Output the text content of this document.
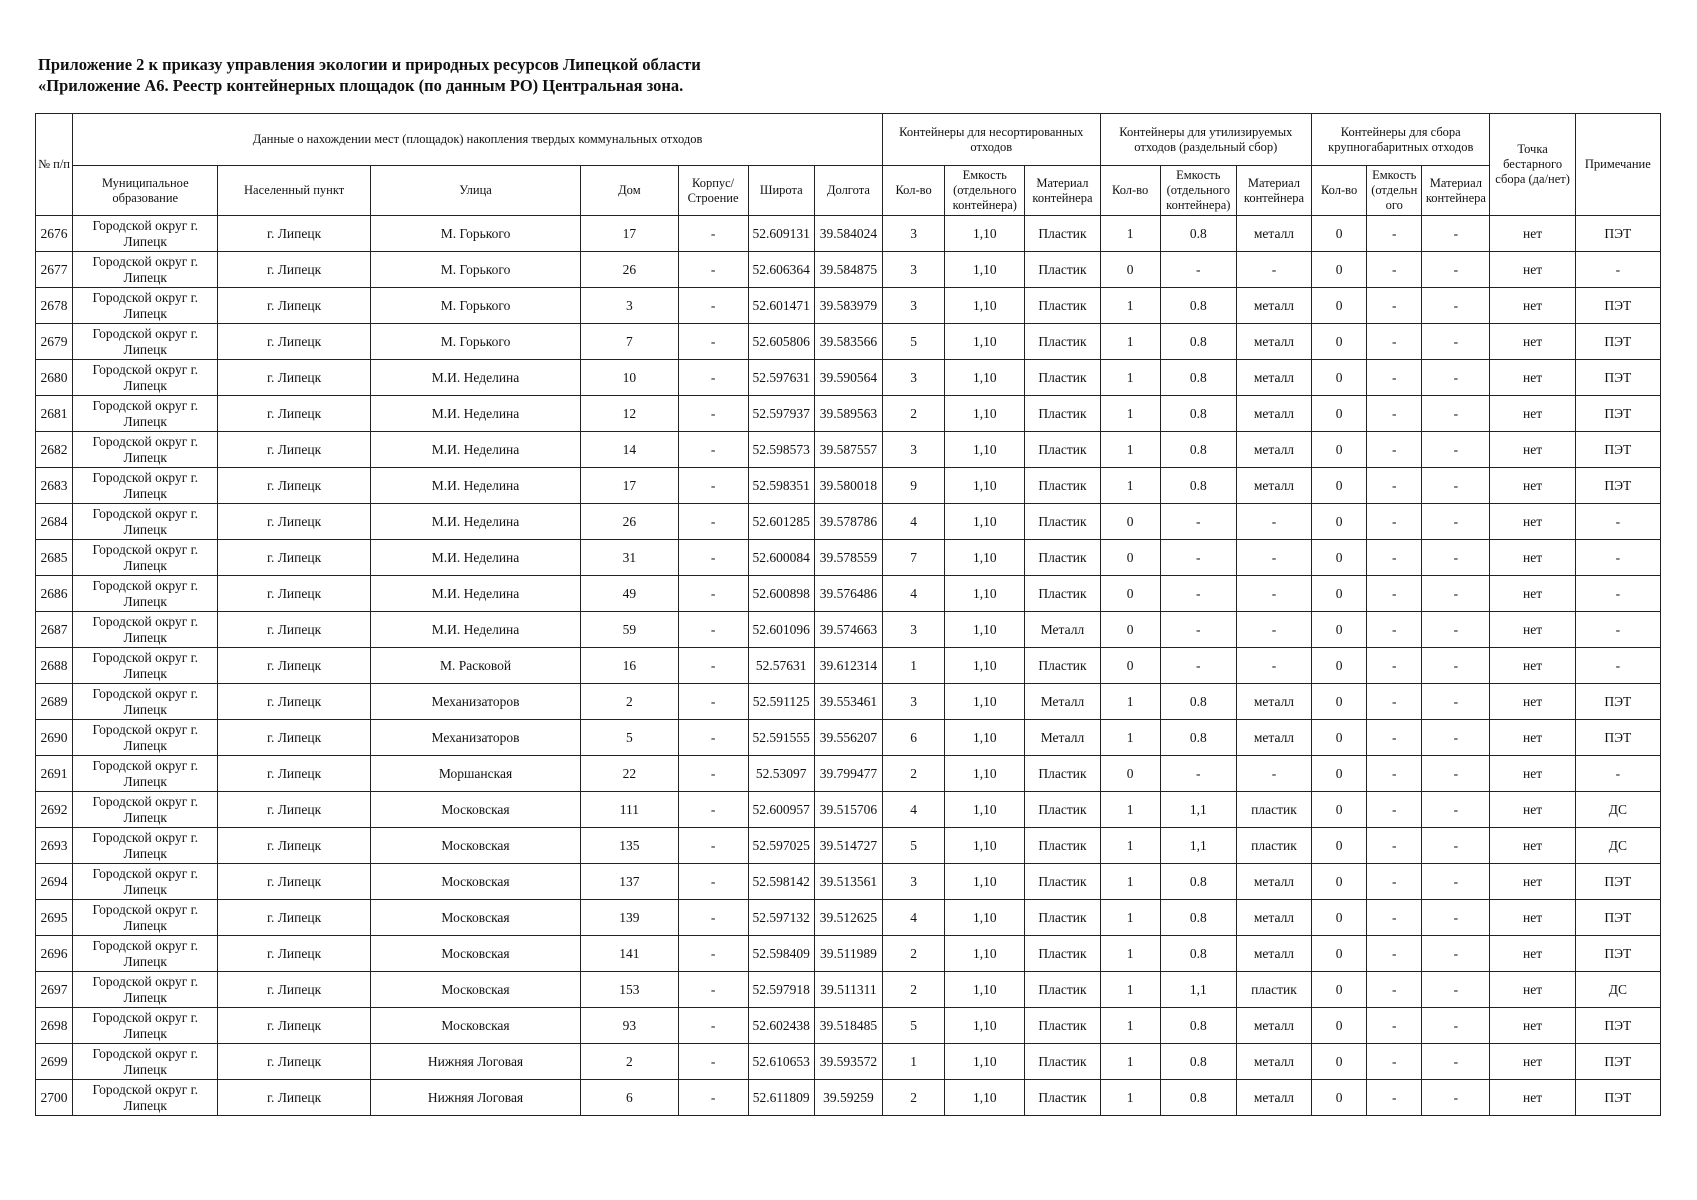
Приложение 2 к приказу управления экологии и природных ресурсов Липецкой области
«Приложение А6. Реестр контейнерных площадок (по данным РО) Центральная зона.
№ п/п	Данные о нахождении мест (площадок) накопления твердых коммунальных отходов							Контейнеры для несортированных отходов			Контейнеры для утилизируемых отходов (раздельный сбор)			Контейнеры для сбора крупногабаритных отходов			Точка бестарного сбора (да/нет)	Примечание
	Муниципальное образование	Населенный пункт	Улица	Дом	Корпус/ Строение	Широта	Долгота	Кол-во	Емкость (отдельного контейнера)	Материал контейнера	Кол-во	Емкость (отдельного контейнера)	Материал контейнера	Кол-во	Емкость (отдельн ого	Материал контейнера		
2676	Городской округ г. Липецк	г. Липецк	М. Горького	17	-	52.609131	39.584024	3	1,10	Пластик	1	0.8	металл	0	-	-	нет	ПЭТ
2677	Городской округ г. Липецк	г. Липецк	М. Горького	26	-	52.606364	39.584875	3	1,10	Пластик	0	-	-	0	-	-	нет	-
2678	Городской округ г. Липецк	г. Липецк	М. Горького	3	-	52.601471	39.583979	3	1,10	Пластик	1	0.8	металл	0	-	-	нет	ПЭТ
2679	Городской округ г. Липецк	г. Липецк	М. Горького	7	-	52.605806	39.583566	5	1,10	Пластик	1	0.8	металл	0	-	-	нет	ПЭТ
2680	Городской округ г. Липецк	г. Липецк	М.И. Неделина	10	-	52.597631	39.590564	3	1,10	Пластик	1	0.8	металл	0	-	-	нет	ПЭТ
2681	Городской округ г. Липецк	г. Липецк	М.И. Неделина	12	-	52.597937	39.589563	2	1,10	Пластик	1	0.8	металл	0	-	-	нет	ПЭТ
2682	Городской округ г. Липецк	г. Липецк	М.И. Неделина	14	-	52.598573	39.587557	3	1,10	Пластик	1	0.8	металл	0	-	-	нет	ПЭТ
2683	Городской округ г. Липецк	г. Липецк	М.И. Неделина	17	-	52.598351	39.580018	9	1,10	Пластик	1	0.8	металл	0	-	-	нет	ПЭТ
2684	Городской округ г. Липецк	г. Липецк	М.И. Неделина	26	-	52.601285	39.578786	4	1,10	Пластик	0	-	-	0	-	-	нет	-
2685	Городской округ г. Липецк	г. Липецк	М.И. Неделина	31	-	52.600084	39.578559	7	1,10	Пластик	0	-	-	0	-	-	нет	-
2686	Городской округ г. Липецк	г. Липецк	М.И. Неделина	49	-	52.600898	39.576486	4	1,10	Пластик	0	-	-	0	-	-	нет	-
2687	Городской округ г. Липецк	г. Липецк	М.И. Неделина	59	-	52.601096	39.574663	3	1,10	Металл	0	-	-	0	-	-	нет	-
2688	Городской округ г. Липецк	г. Липецк	М. Расковой	16	-	52.57631	39.612314	1	1,10	Пластик	0	-	-	0	-	-	нет	-
2689	Городской округ г. Липецк	г. Липецк	Механизаторов	2	-	52.591125	39.553461	3	1,10	Металл	1	0.8	металл	0	-	-	нет	ПЭТ
2690	Городской округ г. Липецк	г. Липецк	Механизаторов	5	-	52.591555	39.556207	6	1,10	Металл	1	0.8	металл	0	-	-	нет	ПЭТ
2691	Городской округ г. Липецк	г. Липецк	Моршанская	22	-	52.53097	39.799477	2	1,10	Пластик	0	-	-	0	-	-	нет	-
2692	Городской округ г. Липецк	г. Липецк	Московская	111	-	52.600957	39.515706	4	1,10	Пластик	1	1,1	пластик	0	-	-	нет	ДС
2693	Городской округ г. Липецк	г. Липецк	Московская	135	-	52.597025	39.514727	5	1,10	Пластик	1	1,1	пластик	0	-	-	нет	ДС
2694	Городской округ г. Липецк	г. Липецк	Московская	137	-	52.598142	39.513561	3	1,10	Пластик	1	0.8	металл	0	-	-	нет	ПЭТ
2695	Городской округ г. Липецк	г. Липецк	Московская	139	-	52.597132	39.512625	4	1,10	Пластик	1	0.8	металл	0	-	-	нет	ПЭТ
2696	Городской округ г. Липецк	г. Липецк	Московская	141	-	52.598409	39.511989	2	1,10	Пластик	1	0.8	металл	0	-	-	нет	ПЭТ
2697	Городской округ г. Липецк	г. Липецк	Московская	153	-	52.597918	39.511311	2	1,10	Пластик	1	1,1	пластик	0	-	-	нет	ДС
2698	Городской округ г. Липецк	г. Липецк	Московская	93	-	52.602438	39.518485	5	1,10	Пластик	1	0.8	металл	0	-	-	нет	ПЭТ
2699	Городской округ г. Липецк	г. Липецк	Нижняя Логовая	2	-	52.610653	39.593572	1	1,10	Пластик	1	0.8	металл	0	-	-	нет	ПЭТ
2700	Городской округ г. Липецк	г. Липецк	Нижняя Логовая	6	-	52.611809	39.59259	2	1,10	Пластик	1	0.8	металл	0	-	-	нет	ПЭТ
